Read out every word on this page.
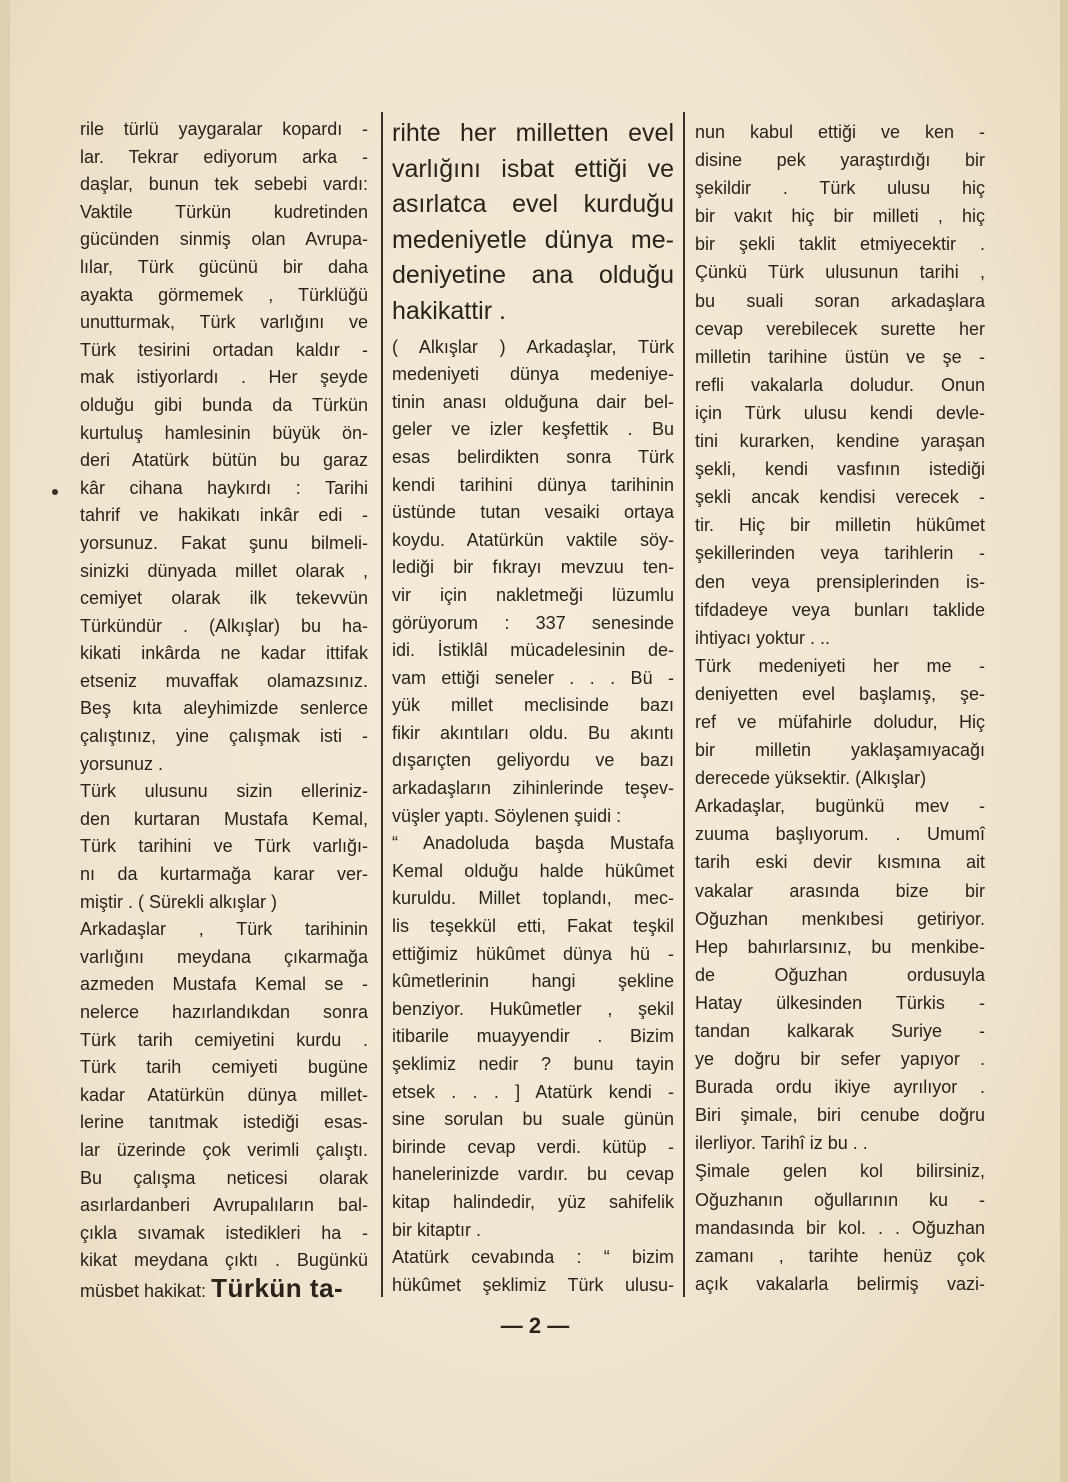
rile türlü yaygaralar kopardı -
lar. Tekrar ediyorum arka -
daşlar, bunun tek sebebi vardı:
Vaktile Türkün kudretinden
gücünden sinmiş olan Avrupa-
lılar, Türk gücünü bir daha
ayakta görmemek , Türklüğü
unutturmak, Türk varlığını ve
Türk tesirini ortadan kaldır -
mak istiyorlardı . Her şeyde
olduğu gibi bunda da Türkün
kurtuluş hamlesinin büyük ön-
deri Atatürk bütün bu garaz
kâr cihana haykırdı : Tarihi
tahrif ve hakikatı inkâr edi -
yorsunuz. Fakat şunu bilmeli-
sinizki dünyada millet olarak ,
cemiyet olarak ilk tekevvün
Türkündür . (Alkışlar) bu ha-
kikati inkârda ne kadar ittifak
etseniz muvaffak olamazsınız.
Beş kıta aleyhimizde senlerce
çalıştınız, yine çalışmak isti -
yorsunuz .
Türk ulusunu sizin elleriniz-
den kurtaran Mustafa Kemal,
Türk tarihini ve Türk varlığı-
nı da kurtarmağa karar ver-
miştir . ( Sürekli alkışlar )
Arkadaşlar , Türk tarihinin
varlığını meydana çıkarmağa
azmeden Mustafa Kemal se -
nelerce hazırlandıkdan sonra
Türk tarih cemiyetini kurdu .
Türk tarih cemiyeti bugüne
kadar Atatürkün dünya millet-
lerine tanıtmak istediği esas-
lar üzerinde çok verimli çalıştı.
Bu çalışma neticesi olarak
asırlardanberi Avrupalıların bal-
çıkla sıvamak istedikleri ha -
kikat meydana çıktı . Bugünkü
müsbet hakikat: Türkün ta-
rihte her milletten evel
varlığını isbat ettiği ve
asırlatca evel kurduğu
medeniyetle dünya me-
deniyetine ana olduğu
hakikattir .
( Alkışlar ) Arkadaşlar, Türk
medeniyeti dünya medeniye-
tinin anası olduğuna dair bel-
geler ve izler keşfettik . Bu
esas belirdikten sonra Türk
kendi tarihini dünya tarihinin
üstünde tutan vesaiki ortaya
koydu. Atatürkün vaktile söy-
lediği bir fıkrayı mevzuu ten-
vir için nakletmeği lüzumlu
görüyorum : 337 senesinde
idi. İstiklâl mücadelesinin de-
vam ettiği seneler . . . Bü -
yük millet meclisinde bazı
fikir akıntıları oldu. Bu akıntı
dışarıçten geliyordu ve bazı
arkadaşların zihinlerinde teşev-
vüşler yaptı. Söylenen şuidi :
“ Anadoluda başda Mustafa
Kemal olduğu halde hükûmet
kuruldu. Millet toplandı, mec-
lis teşekkül etti, Fakat teşkil
ettiğimiz hükûmet dünya hü -
kûmetlerinin hangi şekline
benziyor. Hukûmetler , şekil
itibarile muayyendir . Bizim
şeklimiz nedir ? bunu tayin
etsek . . . ] Atatürk kendi -
sine sorulan bu suale günün
birinde cevap verdi. kütüp -
hanelerinizde vardır. bu cevap
kitap halindedir, yüz sahifelik
bir kitaptır .
Atatürk cevabında : “ bizim
hükûmet şeklimiz Türk ulusu-
nun kabul ettiği ve ken -
disine pek yaraştırdığı bir
şekildir . Türk ulusu hiç
bir vakıt hiç bir milleti , hiç
bir şekli taklit etmiyecektir .
Çünkü Türk ulusunun tarihi ,
bu suali soran arkadaşlara
cevap verebilecek surette her
milletin tarihine üstün ve şe -
refli vakalarla doludur. Onun
için Türk ulusu kendi devle-
tini kurarken, kendine yaraşan
şekli, kendi vasfının istediği
şekli ancak kendisi verecek -
tir. Hiç bir milletin hükûmet
şekillerinden veya tarihlerin -
den veya prensiplerinden is-
tifdadeye veya bunları taklide
ihtiyacı yoktur . ..
Türk medeniyeti her me -
deniyetten evel başlamış, şe-
ref ve müfahirle doludur, Hiç
bir milletin yaklaşamıyacağı
derecede yüksektir. (Alkışlar)
Arkadaşlar, bugünkü mev -
zuuma başlıyorum. . Umumî
tarih eski devir kısmına ait
vakalar arasında bize bir
Oğuzhan menkıbesi getiriyor.
Hep bahırlarsınız, bu menkibe-
de Oğuzhan ordusuyla
Hatay ülkesinden Türkis -
tandan kalkarak Suriye -
ye doğru bir sefer yapıyor .
Burada ordu ikiye ayrılıyor .
Biri şimale, biri cenube doğru
ilerliyor. Tarihî iz bu . .
Şimale gelen kol bilirsiniz,
Oğuzhanın oğullarının ku -
mandasında bir kol. . . Oğuzhan
zamanı , tarihte henüz çok
açık vakalarla belirmiş vazi-
— 2 —
